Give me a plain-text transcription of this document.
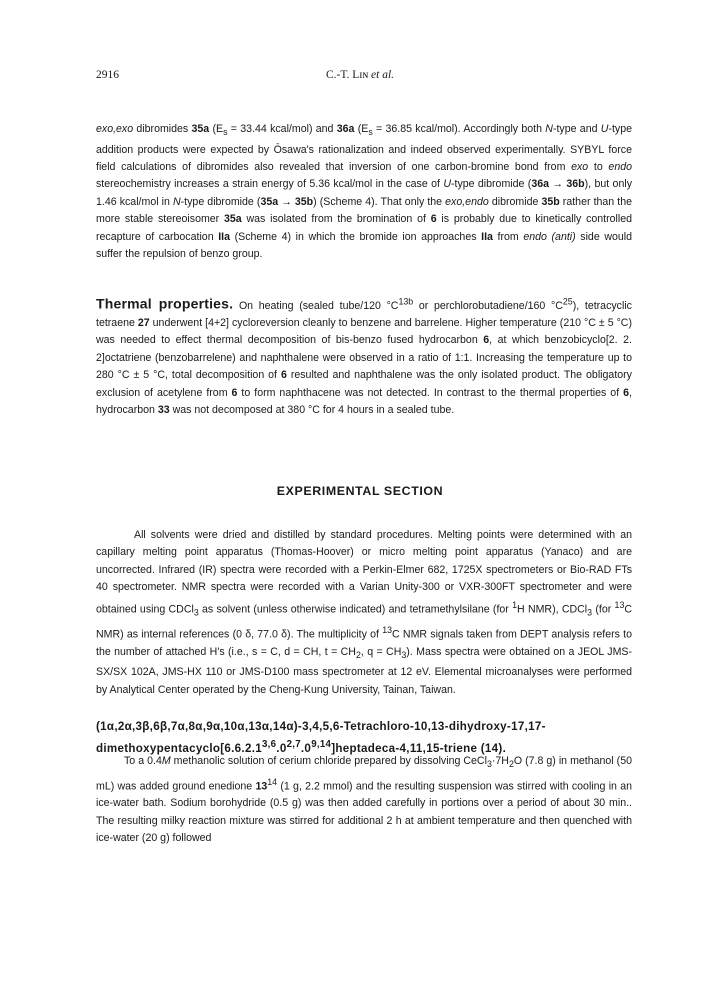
2916	C.-T. Lɪɴ et al.

exo,exo dibromides 35a ($E_s = 33.44$ kcal/mol) and 36a ($E_s = 36.85$ kcal/mol). Accordingly both N-type and U-type addition products were expected by Ōsawa's rationalization and indeed observed experimentally. SYBYL force field calculations of dibromides also revealed that inversion of one carbon-bromine bond from exo to endo stereochemistry increases a strain energy of 5.36 kcal/mol in the case of U-type dibromide (36a → 36b), but only 1.46 kcal/mol in N-type dibromide (35a → 35b) (Scheme 4). That only the exo,endo dibromide 35b rather than the more stable stereoisomer 35a was isolated from the bromination of 6 is probably due to kinetically controlled recapture of carbocation IIa (Scheme 4) in which the bromide ion approaches IIa from endo (anti) side would suffer the repulsion of benzo group.

Thermal properties. On heating (sealed tube/120 $^\circ C^{13b}$ or perchlorobutadiene/160 $^\circ C^{25}$), tetracyclic tetraene 27 underwent [4+2] cycloreversion cleanly to benzene and barrelene. Higher temperature (210 °C ± 5 °C) was needed to effect thermal decomposition of bis-benzo fused hydrocarbon 6, at which benzobicyclo[2. 2. 2]octatriene (benzobarrelene) and naphthalene were observed in a ratio of 1:1. Increasing the temperature up to 280 °C ± 5 °C, total decomposition of 6 resulted and naphthalene was the only isolated product. The obligatory exclusion of acetylene from 6 to form naphthacene was not detected. In contrast to the thermal properties of 6, hydrocarbon 33 was not decomposed at 380 °C for 4 hours in a sealed tube.

EXPERIMENTAL SECTION

All solvents were dried and distilled by standard procedures. Melting points were determined with an capillary melting point apparatus (Thomas-Hoover) or micro melting point apparatus (Yanaco) and are uncorrected. Infrared (IR) spectra were recorded with a Perkin-Elmer 682, 1725X spectrometers or Bio-RAD FTs 40 spectrometer. NMR spectra were recorded with a Varian Unity-300 or VXR-300FT spectrometer and were obtained using CDCl$_3$ as solvent (unless otherwise indicated) and tetramethylsilane (for $^1$H NMR), CDCl$_3$ (for $^{13}$C NMR) as internal references (0 δ, 77.0 δ). The multiplicity of $^{13}$C NMR signals taken from DEPT analysis refers to the number of attached H's (i.e., s = C, d = CH, $t = CH_2$, $q = CH_3$). Mass spectra were obtained on a JEOL JMS-SX/SX 102A, JMS-HX 110 or JMS-D100 mass spectrometer at 12 eV. Elemental microanalyses were performed by Analytical Center operated by the Cheng-Kung University, Tainan, Taiwan.

(1α,2α,3β,6β,7α,8α,9α,10α,13α,14α)-3,4,5,6-Tetrachloro-10,13-dihydroxy-17,17-dimethoxypentacyclo[6.6.2.1$^{3,6}$.0$^{2,7}$.0$^{9,14}$]heptadeca-4,11,15-triene (14).

To a 0.4M methanolic solution of cerium chloride prepared by dissolving $CeCl_3\cdot 7H_2O$ (7.8 g) in methanol (50 mL) was added ground enedione $13^{14}$ (1 g, 2.2 mmol) and the resulting suspension was stirred with cooling in an ice-water bath. Sodium borohydride (0.5 g) was then added carefully in portions over a period of about 30 min.. The resulting milky reaction mixture was stirred for additional 2 h at ambient temperature and then quenched with ice-water (20 g) followed
